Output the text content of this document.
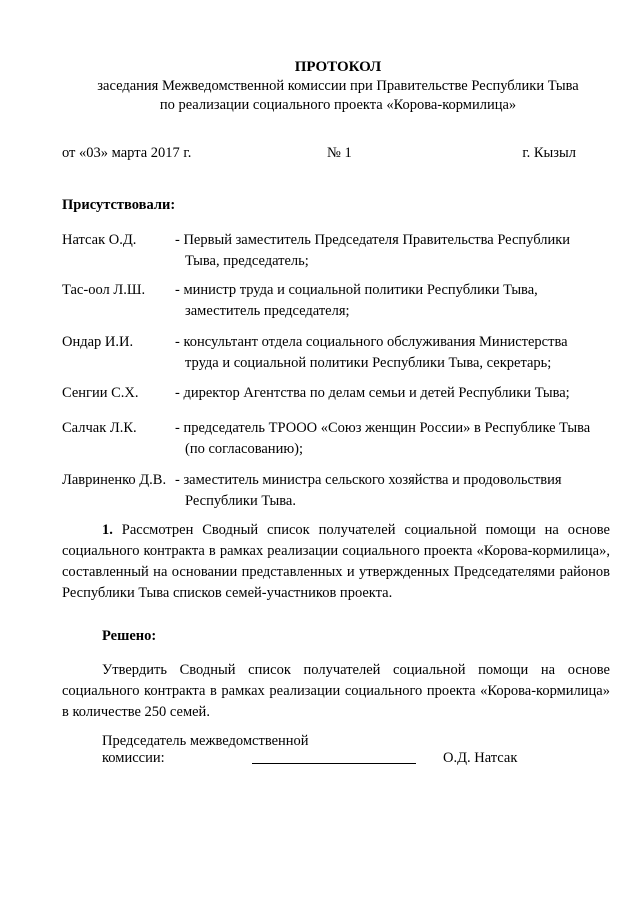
ПРОТОКОЛ
заседания Межведомственной комиссии при Правительстве Республики Тыва
по реализации социального проекта «Корова-кормилица»
от «03» марта 2017 г.	№ 1	г. Кызыл
Присутствовали:
Натсак О.Д.	- Первый заместитель Председателя Правительства Республики Тыва, председатель;
Тас-оол Л.Ш.	- министр труда и социальной политики Республики Тыва, заместитель председателя;
Ондар И.И.	- консультант отдела социального обслуживания Министерства труда и социальной политики Республики Тыва, секретарь;
Сенгии С.Х.	- директор Агентства по делам семьи и детей Республики Тыва;
Салчак Л.К.	- председатель ТРООО «Союз женщин России» в Республике Тыва (по согласованию);
Лавриненко Д.В. - заместитель министра сельского хозяйства и продовольствия Республики Тыва.
1. Рассмотрен Сводный список получателей социальной помощи на основе социального контракта в рамках реализации социального проекта «Корова-кормилица», составленный на основании представленных и утвержденных Председателями районов Республики Тыва списков семей-участников проекта.
Решено:
Утвердить Сводный список получателей социальной помощи на основе социального контракта в рамках реализации социального проекта «Корова-кормилица» в количестве 250 семей.
Председатель межведомственной
комиссии:	О.Д. Натсак
